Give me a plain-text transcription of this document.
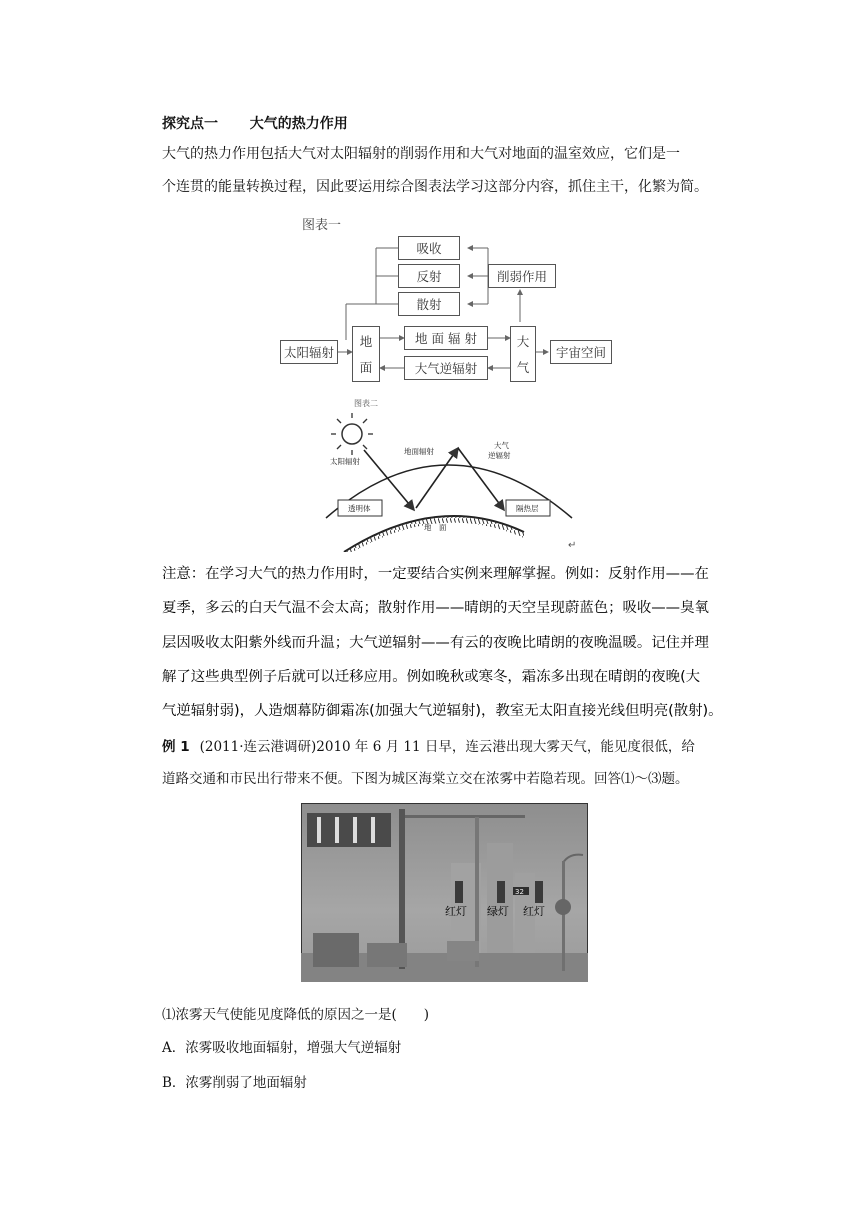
探究点一 大气的热力作用

大气的热力作用包括大气对太阳辐射的削弱作用和大气对地面的温室效应，它们是一

个连贯的能量转换过程，因此要运用综合图表法学习这部分内容，抓住主干，化繁为简。

图表一
吸收
反射
散射
削弱作用
太阳辐射
地
面
地 面 辐 射
大气逆辐射
大
气
宇宙空间
图表二
太阳辐射
地面辐射
大气
逆辐射
透明体	隔热层
地　面
↵

注意：在学习大气的热力作用时，一定要结合实例来理解掌握。例如：反射作用——在

夏季，多云的白天气温不会太高；散射作用——晴朗的天空呈现蔚蓝色；吸收——臭氧

层因吸收太阳紫外线而升温；大气逆辐射——有云的夜晚比晴朗的夜晚温暖。记住并理

解了这些典型例子后就可以迁移应用。例如晚秋或寒冬，霜冻多出现在晴朗的夜晚(大

气逆辐射弱)，人造烟幕防御霜冻(加强大气逆辐射)，教室无太阳直接光线但明亮(散射)。

例 1 (2011·连云港调研)2010 年 6 月 11 日早，连云港出现大雾天气，能见度很低，给
道路交通和市民出行带来不便。下图为城区海棠立交在浓雾中若隐若现。回答⑴～⑶题。
32
红灯 绿灯 红灯
⑴浓雾天气使能见度降低的原因之一是(　　)
A．浓雾吸收地面辐射，增强大气逆辐射
B．浓雾削弱了地面辐射
